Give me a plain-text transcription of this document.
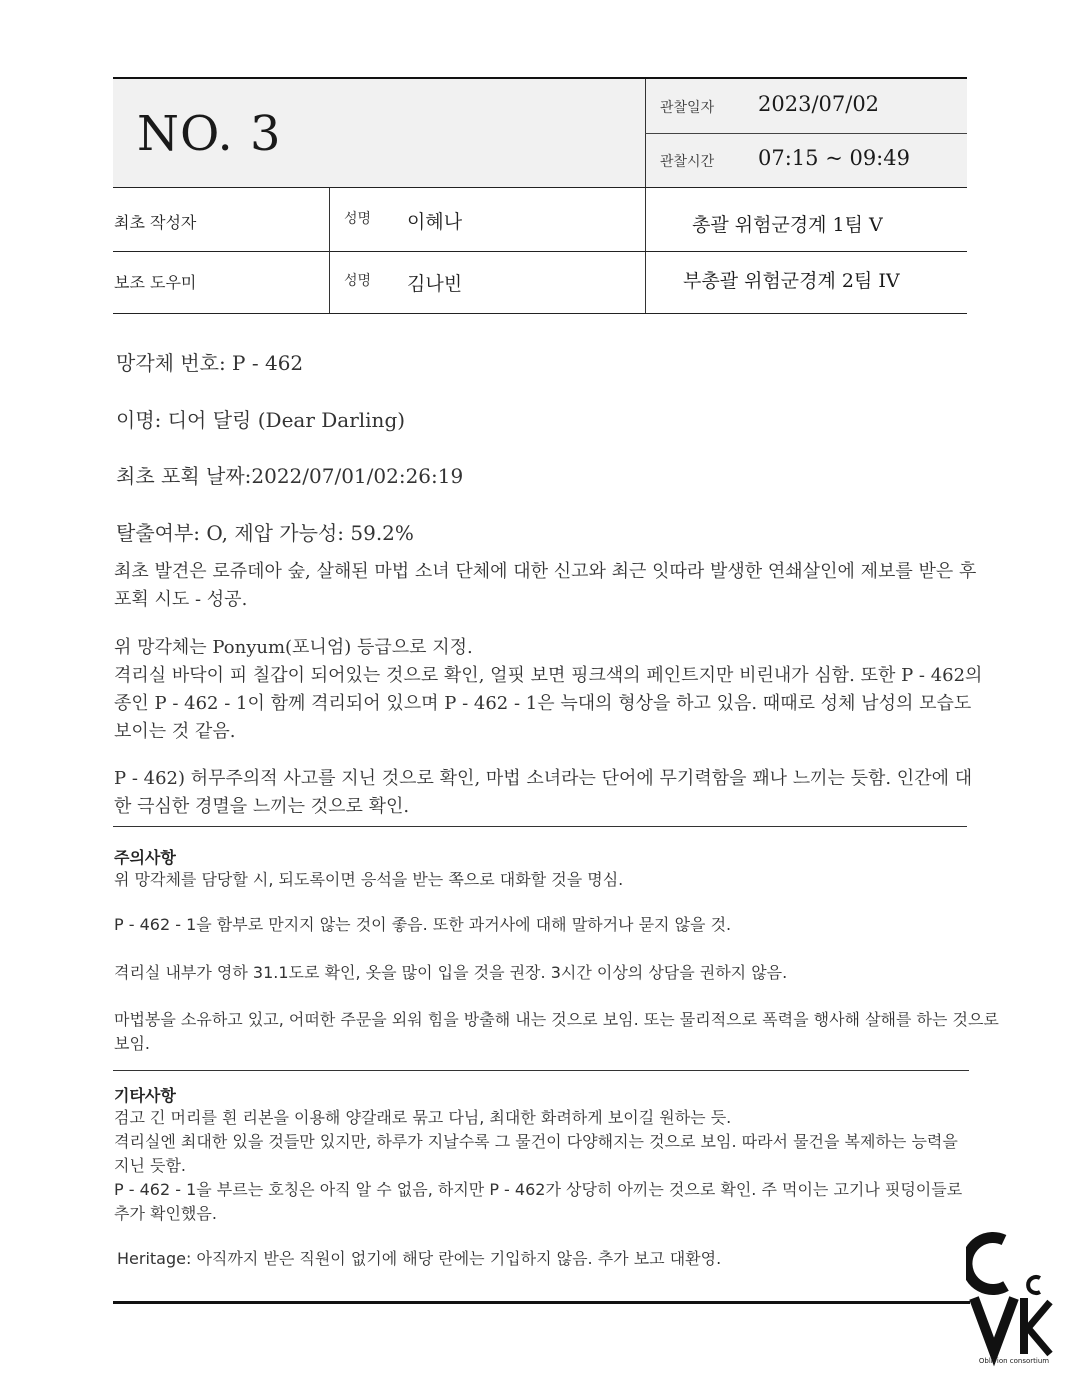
NO. 3	관찰일자 2023/07/02
관찰시간 07:15 ~ 09:49
최초 작성자	성명 이혜나	총괄 위험군경계 1팀 V
보조 도우미	성명 김나빈	부총괄 위험군경계 2팀 IV
망각체 번호: P - 462
이명: 디어 달링 (Dear Darling)
최초 포획 날짜:2022/07/01/02:26:19
탈출여부: O, 제압 가능성: 59.2%
최초 발견은 로쥬데아 숲, 살해된 마법 소녀 단체에 대한 신고와 최근 잇따라 발생한 연쇄살인에 제보를 받은 후 포획 시도 - 성공.
위 망각체는 Ponyum(포니엄) 등급으로 지정.
격리실 바닥이 피 칠갑이 되어있는 것으로 확인, 얼핏 보면 핑크색의 페인트지만 비린내가 심함. 또한 P - 462의 종인 P - 462 - 1이 함께 격리되어 있으며 P - 462 - 1은 늑대의 형상을 하고 있음. 때때로 성체 남성의 모습도 보이는 것 같음.
P - 462) 허무주의적 사고를 지닌 것으로 확인, 마법 소녀라는 단어에 무기력함을 꽤나 느끼는 듯함. 인간에 대한 극심한 경멸을 느끼는 것으로 확인.
주의사항
위 망각체를 담당할 시, 되도록이면 응석을 받는 쪽으로 대화할 것을 명심.
P - 462 - 1을 함부로 만지지 않는 것이 좋음. 또한 과거사에 대해 말하거나 묻지 않을 것.
격리실 내부가 영하 31.1도로 확인, 옷을 많이 입을 것을 권장. 3시간 이상의 상담을 권하지 않음.
마법봉을 소유하고 있고, 어떠한 주문을 외워 힘을 방출해 내는 것으로 보임. 또는 물리적으로 폭력을 행사해 살해를 하는 것으로 보임.
기타사항
검고 긴 머리를 흰 리본을 이용해 양갈래로 묶고 다님, 최대한 화려하게 보이길 원하는 듯.
격리실엔 최대한 있을 것들만 있지만, 하루가 지날수록 그 물건이 다양해지는 것으로 보임. 따라서 물건을 복제하는 능력을 지닌 듯함.
P - 462 - 1을 부르는 호칭은 아직 알 수 없음, 하지만 P - 462가 상당히 아끼는 것으로 확인. 주 먹이는 고기나 핏덩이들로 추가 확인했음.
Heritage: 아직까지 받은 직원이 없기에 해당 란에는 기입하지 않음. 추가 보고 대환영.
Oblivion consortium
